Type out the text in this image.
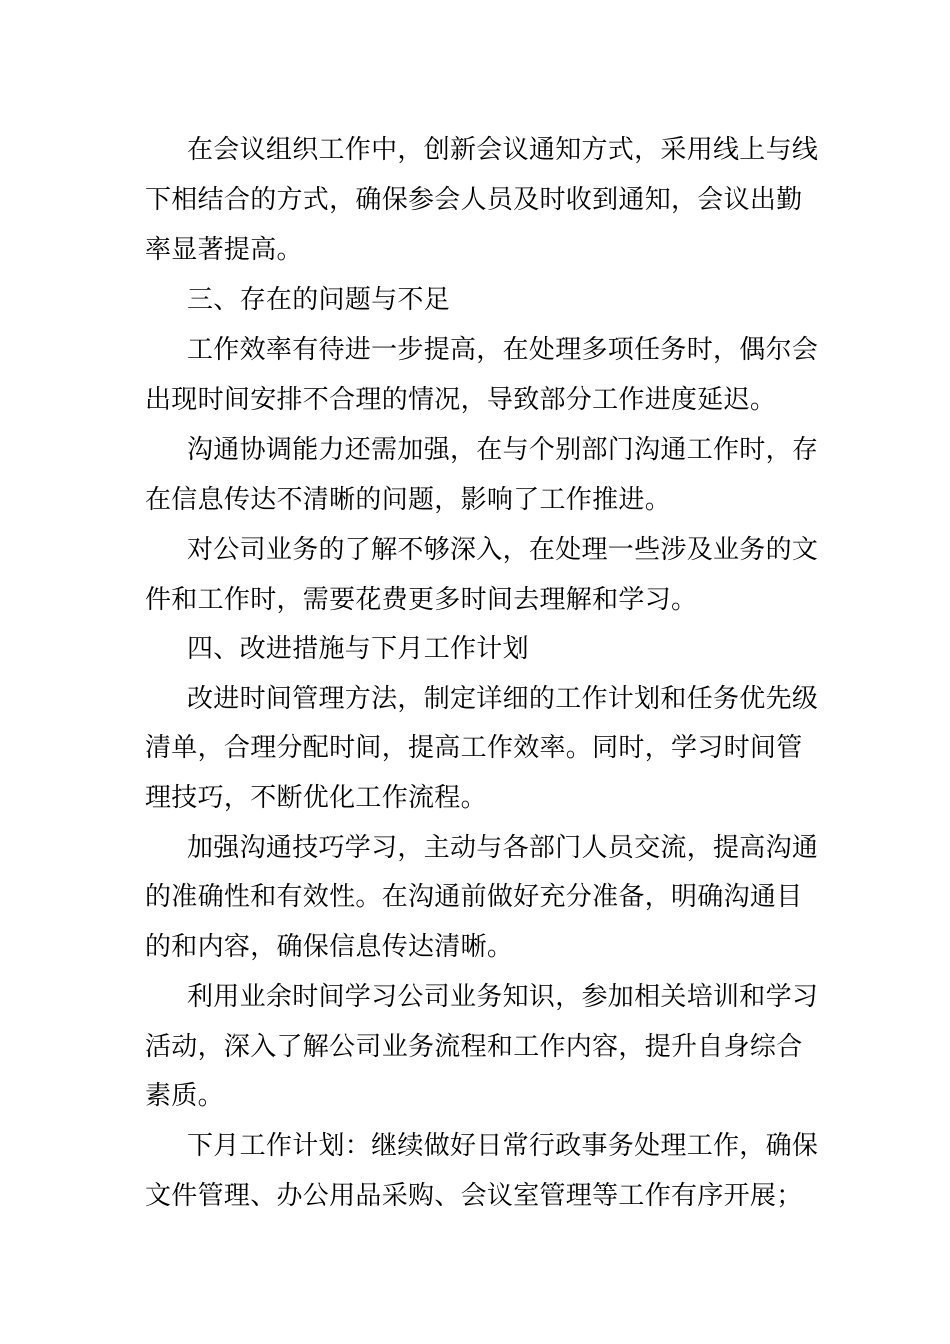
在会议组织工作中，创新会议通知方式，采用线上与线
下相结合的方式，确保参会人员及时收到通知，会议出勤
率显著提高。
三、存在的问题与不足
工作效率有待进一步提高，在处理多项任务时，偶尔会
出现时间安排不合理的情况，导致部分工作进度延迟。
沟通协调能力还需加强，在与个别部门沟通工作时，存
在信息传达不清晰的问题，影响了工作推进。
对公司业务的了解不够深入，在处理一些涉及业务的文
件和工作时，需要花费更多时间去理解和学习。
四、改进措施与下月工作计划
改进时间管理方法，制定详细的工作计划和任务优先级
清单，合理分配时间，提高工作效率。同时，学习时间管
理技巧，不断优化工作流程。
加强沟通技巧学习，主动与各部门人员交流，提高沟通
的准确性和有效性。在沟通前做好充分准备，明确沟通目
的和内容，确保信息传达清晰。
利用业余时间学习公司业务知识，参加相关培训和学习
活动，深入了解公司业务流程和工作内容，提升自身综合
素质。
下月工作计划：继续做好日常行政事务处理工作，确保
文件管理、办公用品采购、会议室管理等工作有序开展；
